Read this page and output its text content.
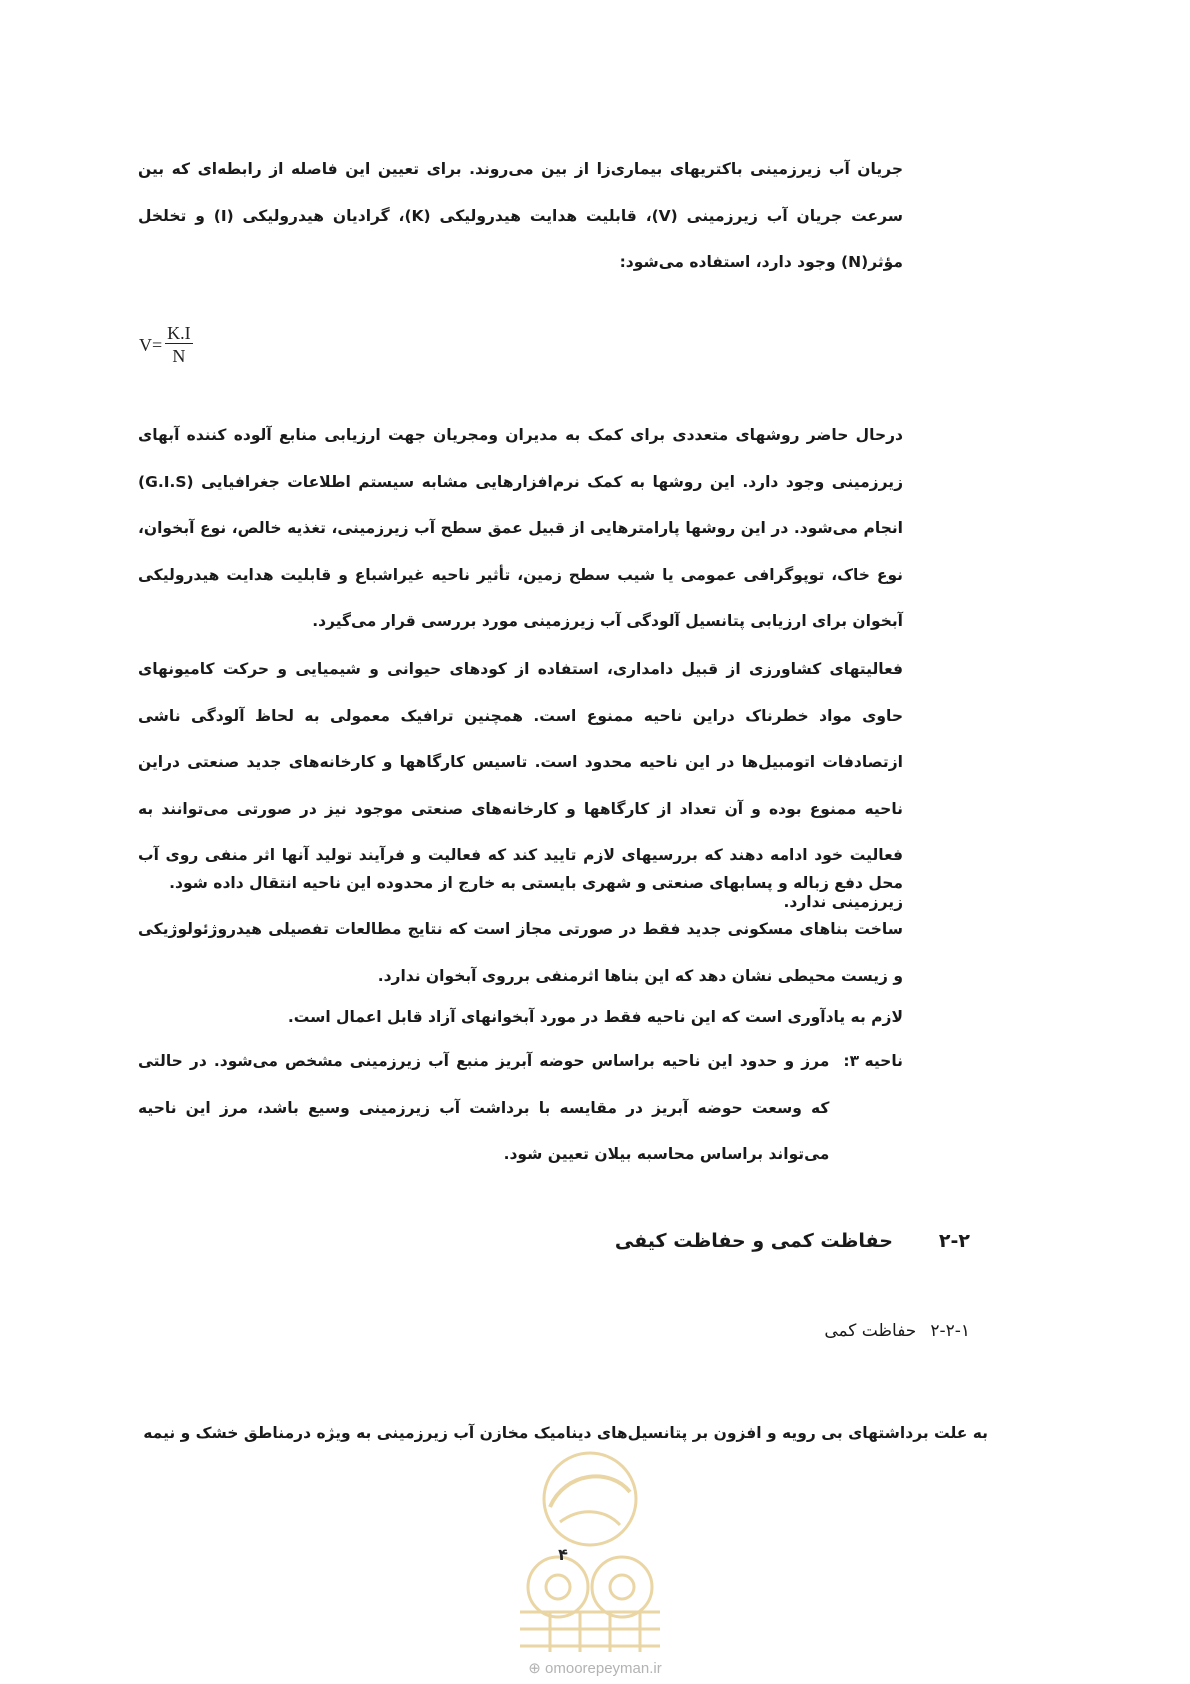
جریان آب زیرزمینی باکتریهای بیماری‌زا از بین می‌روند. برای تعیین این فاصله از رابطه‌ای که بین سرعت جریان آب زیرزمینی (V)، قابلیت هدایت هیدرولیکی (K)، گرادیان هیدرولیکی (I) و تخلخل مؤثر(N) وجود دارد، استفاده می‌شود:

$V= \frac{K.I}{N}$

درحال حاضر روشهای متعددی برای کمک به مدیران ومجریان جهت ارزیابی منابع آلوده کننده آبهای زیرزمینی وجود دارد. این روشها به کمک نرم‌افزارهایی مشابه سیستم اطلاعات جغرافیایی (G.I.S) انجام می‌شود. در این روشها پارامترهایی از قبیل عمق سطح آب زیرزمینی، تغذیه خالص، نوع آبخوان، نوع خاک، توپوگرافی عمومی یا شیب سطح زمین، تأثیر ناحیه غیراشباع و قابلیت هدایت هیدرولیکی آبخوان برای ارزیابی پتانسیل آلودگی آب زیرزمینی مورد بررسی قرار می‌گیرد.

فعالیتهای کشاورزی از قبیل دامداری، استفاده از کودهای حیوانی و شیمیایی و حرکت کامیونهای حاوی مواد خطرناک دراین ناحیه ممنوع است. همچنین ترافیک معمولی به لحاظ آلودگی ناشی ازتصادفات اتومبیل‌ها در این ناحیه محدود است. تاسیس کارگاهها و کارخانه‌های جدید صنعتی دراین ناحیه ممنوع بوده و آن تعداد از کارگاهها و کارخانه‌های صنعتی موجود نیز در صورتی می‌توانند به فعالیت خود ادامه دهند که بررسیهای لازم تایید کند که فعالیت و فرآیند تولید آنها اثر منفی روی آب زیرزمینی ندارد.

محل دفع زباله و پسابهای صنعتی و شهری بایستی به خارج از محدوده این ناحیه انتقال داده شود.

ساخت بناهای مسکونی جدید فقط در صورتی مجاز است که نتایج مطالعات تفصیلی هیدروژئولوژیکی و زیست محیطی نشان دهد که این بناها اثرمنفی برروی آبخوان ندارد.

لازم به یادآوری است که این ناحیه فقط در مورد آبخوانهای آزاد قابل اعمال است.

ناحیه ۳:
مرز و حدود این ناحیه براساس حوضه آبریز منبع آب زیرزمینی مشخص می‌شود. در حالتی که وسعت حوضه آبریز در مقایسه با برداشت آب زیرزمینی وسیع باشد، مرز این ناحیه می‌تواند براساس محاسبه بیلان تعیین شود.
۲-۲
حفاظت کمی و حفاظت کیفی
۲-۲-۱
حفاظت کمی
به علت برداشتهای بی رویه و افزون بر پتانسیل‌های دینامیک مخازن آب زیرزمینی به ویژه درمناطق خشک و نیمه
۴
⊕ omoorepeyman.ir
